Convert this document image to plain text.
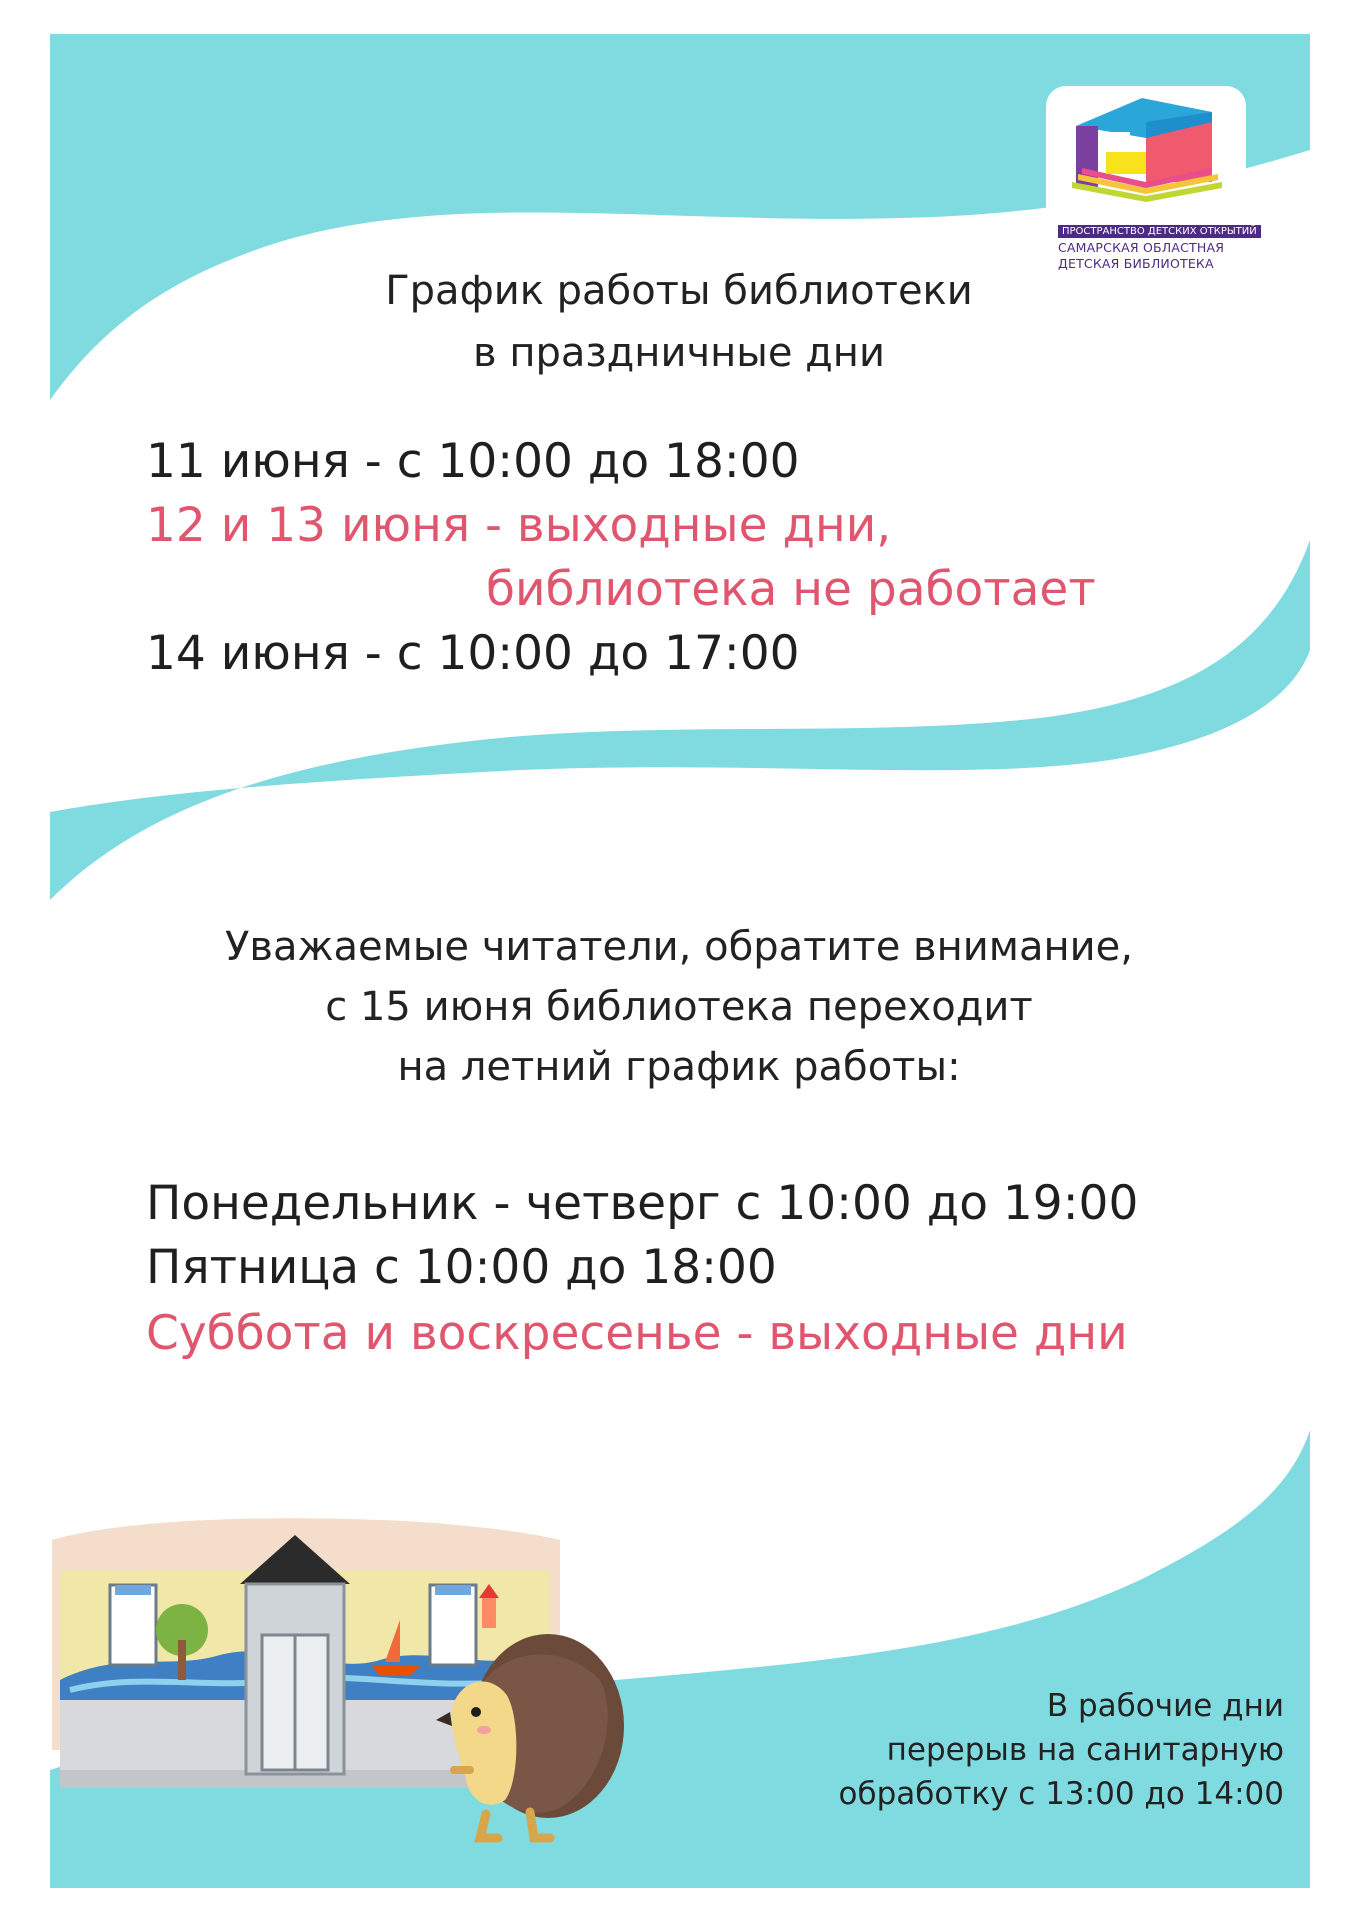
ПРОСТРАНСТВО ДЕТСКИХ ОТКРЫТИЙ
САМАРСКАЯ ОБЛАСТНАЯ
ДЕТСКАЯ БИБЛИОТЕКА
График работы библиотеки
в праздничные дни
11 июня - с 10:00 до 18:00
12 и 13 июня - выходные дни,
библиотека не работает
14 июня - с 10:00 до 17:00
Уважаемые читатели, обратите внимание,
с 15 июня библиотека переходит
на летний график работы:
Понедельник - четверг с 10:00 до 19:00
Пятница с 10:00 до 18:00
Суббота и воскресенье - выходные дни
В рабочие дни
перерыв на санитарную
обработку с 13:00 до 14:00
